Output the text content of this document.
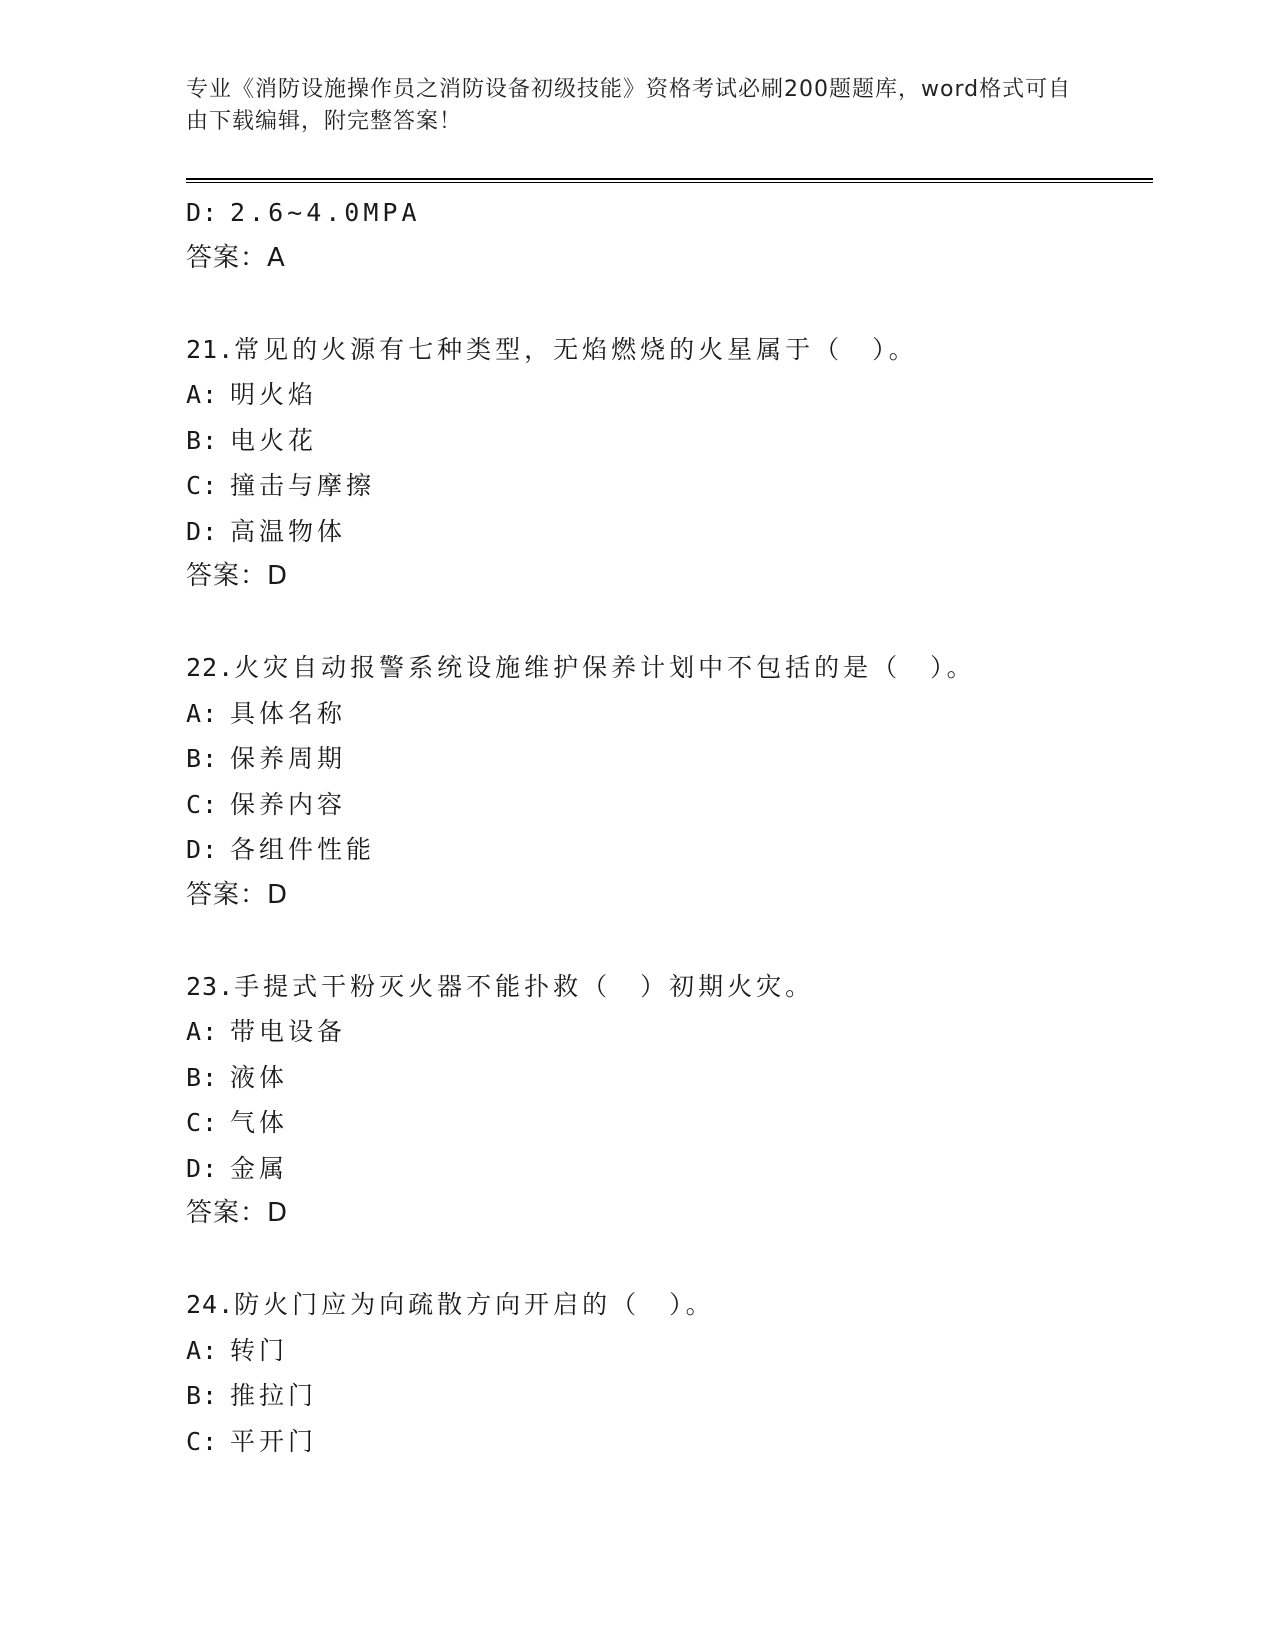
专业《消防设施操作员之消防设备初级技能》资格考试必刷200题题库，word格式可自由下载编辑，附完整答案！
D: 2.6~4.0MPA
答案：A
21.常见的火源有七种类型，无焰燃烧的火星属于（　）。
A: 明火焰
B: 电火花
C: 撞击与摩擦
D: 高温物体
答案：D
22.火灾自动报警系统设施维护保养计划中不包括的是（　）。
A: 具体名称
B: 保养周期
C: 保养内容
D: 各组件性能
答案：D
23.手提式干粉灭火器不能扑救（　）初期火灾。
A: 带电设备
B: 液体
C: 气体
D: 金属
答案：D
24.防火门应为向疏散方向开启的（　）。
A: 转门
B: 推拉门
C: 平开门
